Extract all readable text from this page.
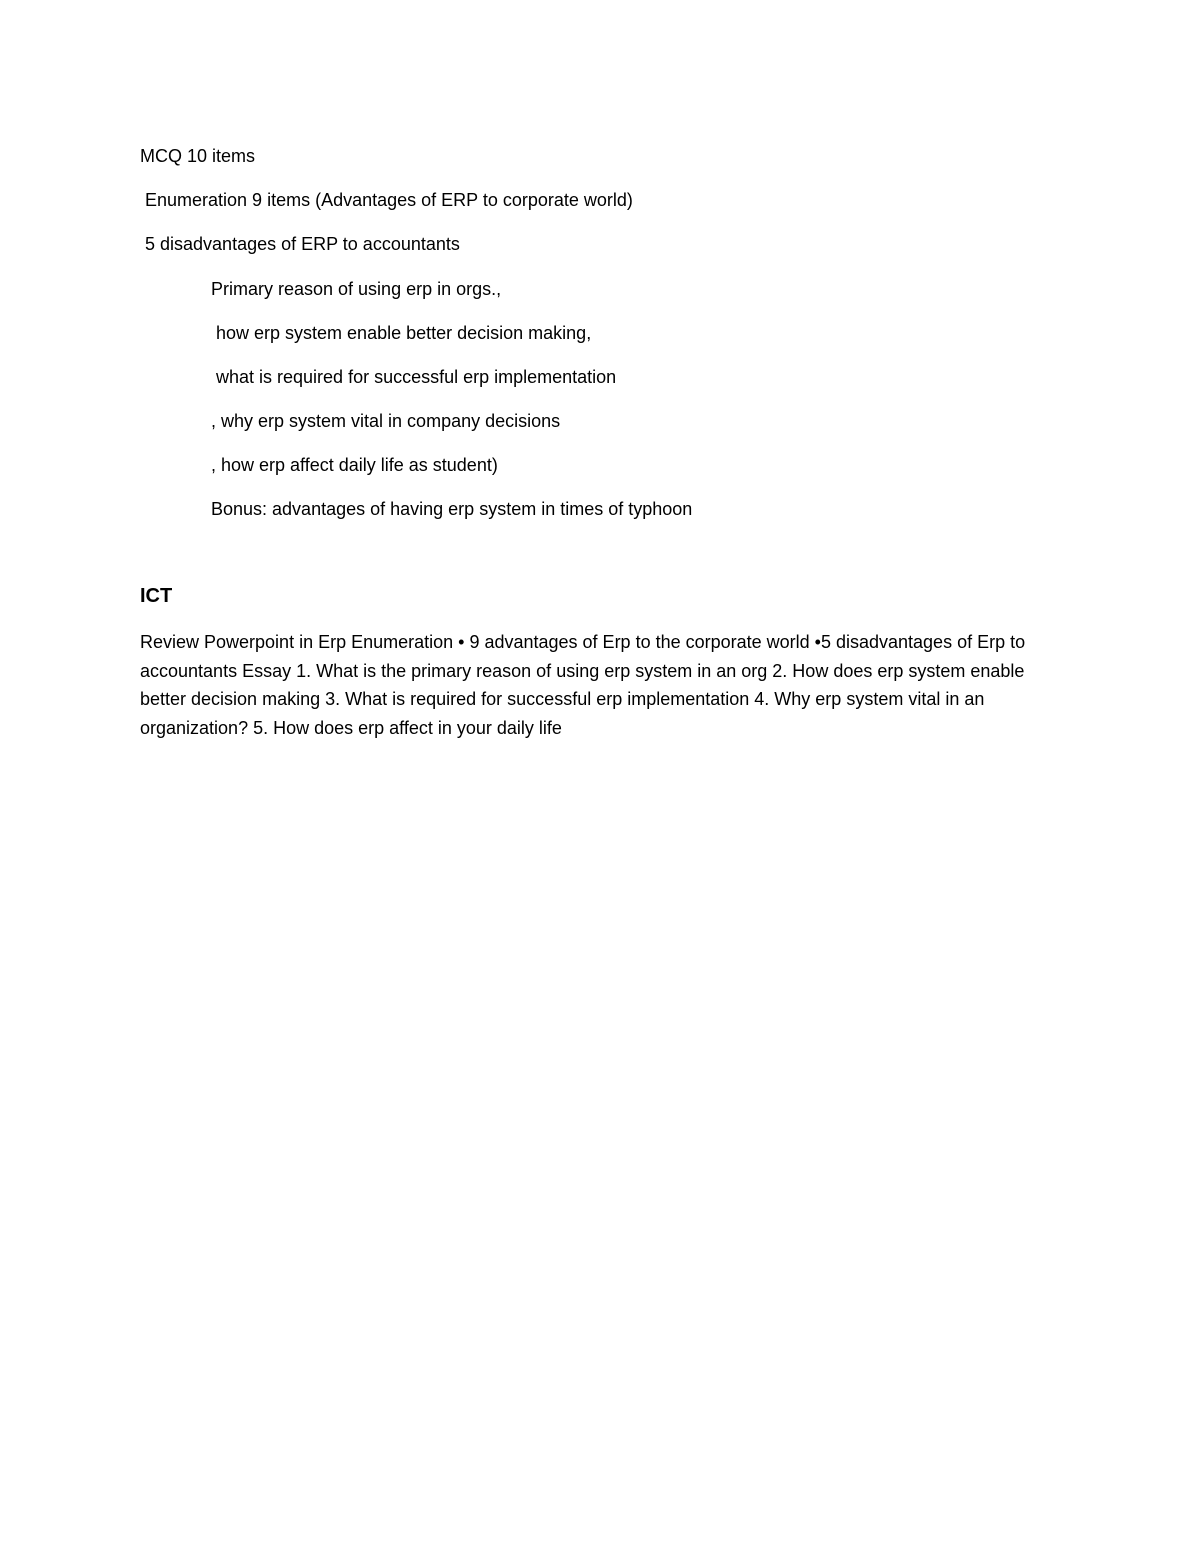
MCQ 10 items
Enumeration 9 items (Advantages of ERP to corporate world)
5 disadvantages of ERP to accountants
Primary reason of using erp in orgs.,
how erp system enable better decision making,
what is required for successful erp implementation
, why erp system vital in company decisions
, how erp affect daily life as student)
Bonus: advantages of having erp system in times of typhoon
ICT
Review Powerpoint in Erp Enumeration • 9 advantages of Erp to the corporate world •5 disadvantages of Erp to accountants Essay 1. What is the primary reason of using erp system in an org 2. How does erp system enable better decision making 3. What is required for successful erp implementation 4. Why erp system vital in an organization? 5. How does erp affect in your daily life
